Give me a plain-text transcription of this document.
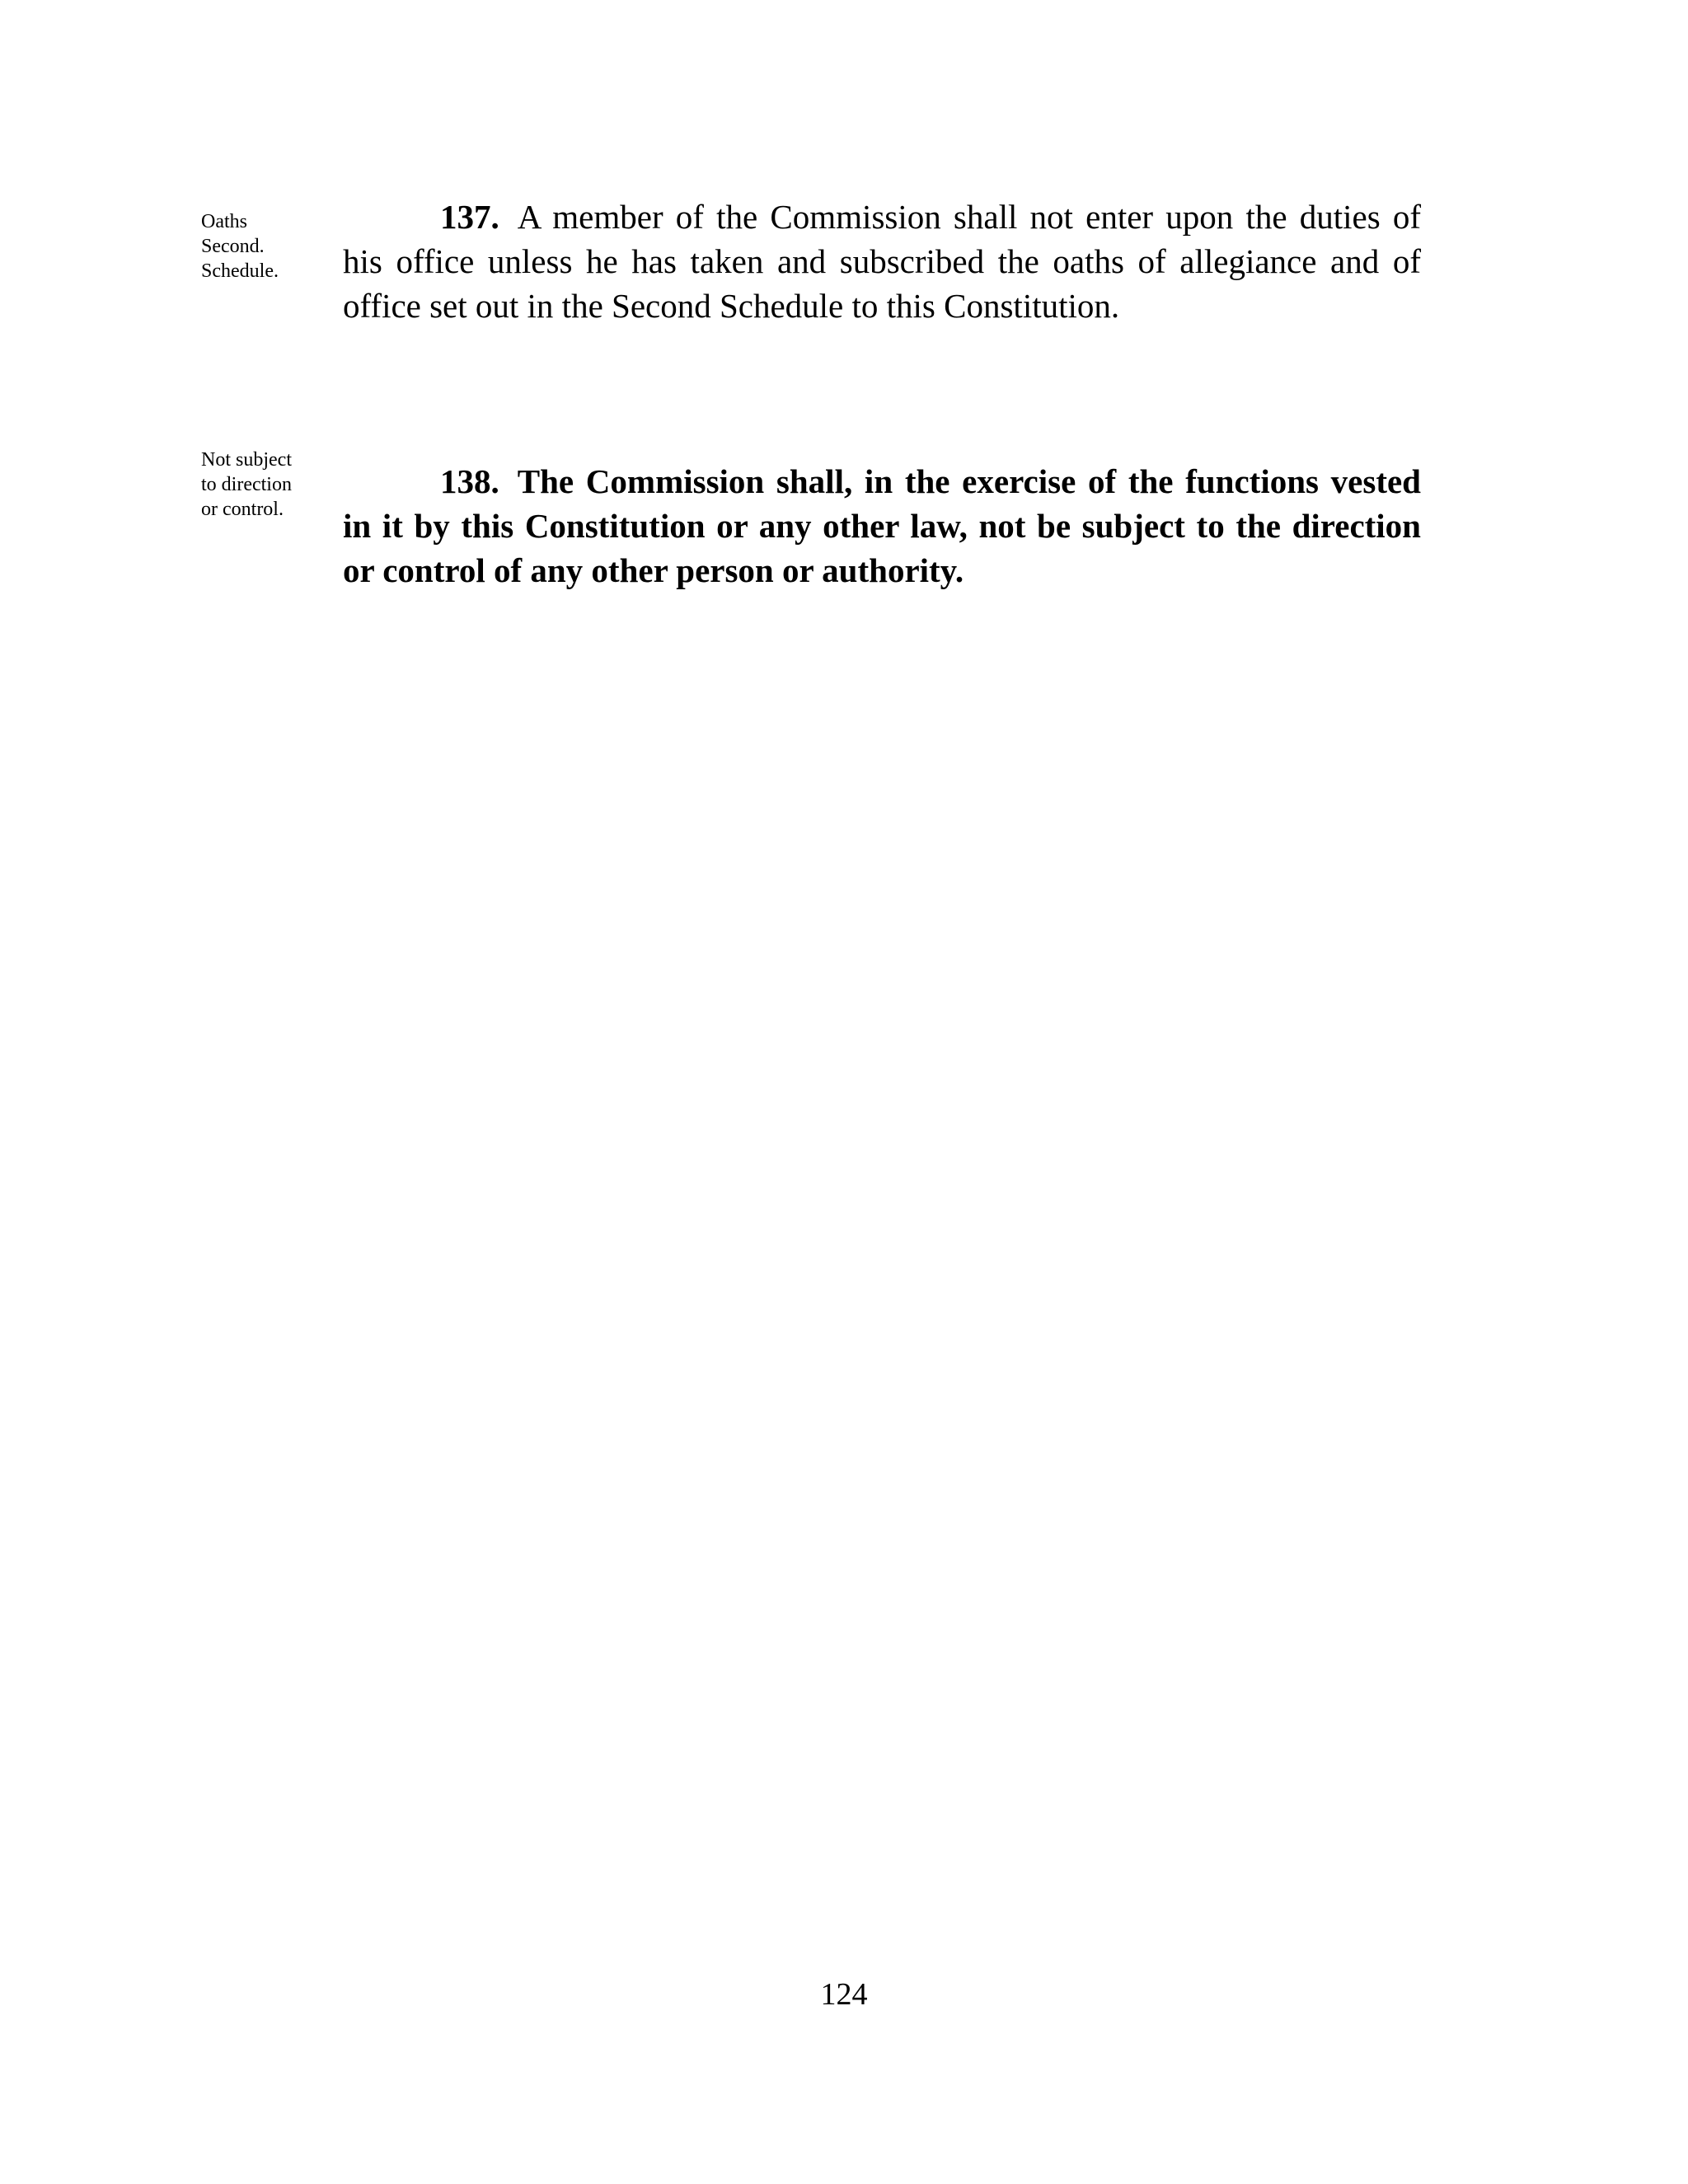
Oaths
Second.
Schedule.

137. A member of the Commission shall not enter upon the duties of his office unless he has taken and subscribed the oaths of allegiance and of office set out in the Second Schedule to this Constitution.

Not subject
to direction
or control.

138. The Commission shall, in the exercise of the functions vested in it by this Constitution or any other law, not be subject to the direction or control of any other person or authority.

124
